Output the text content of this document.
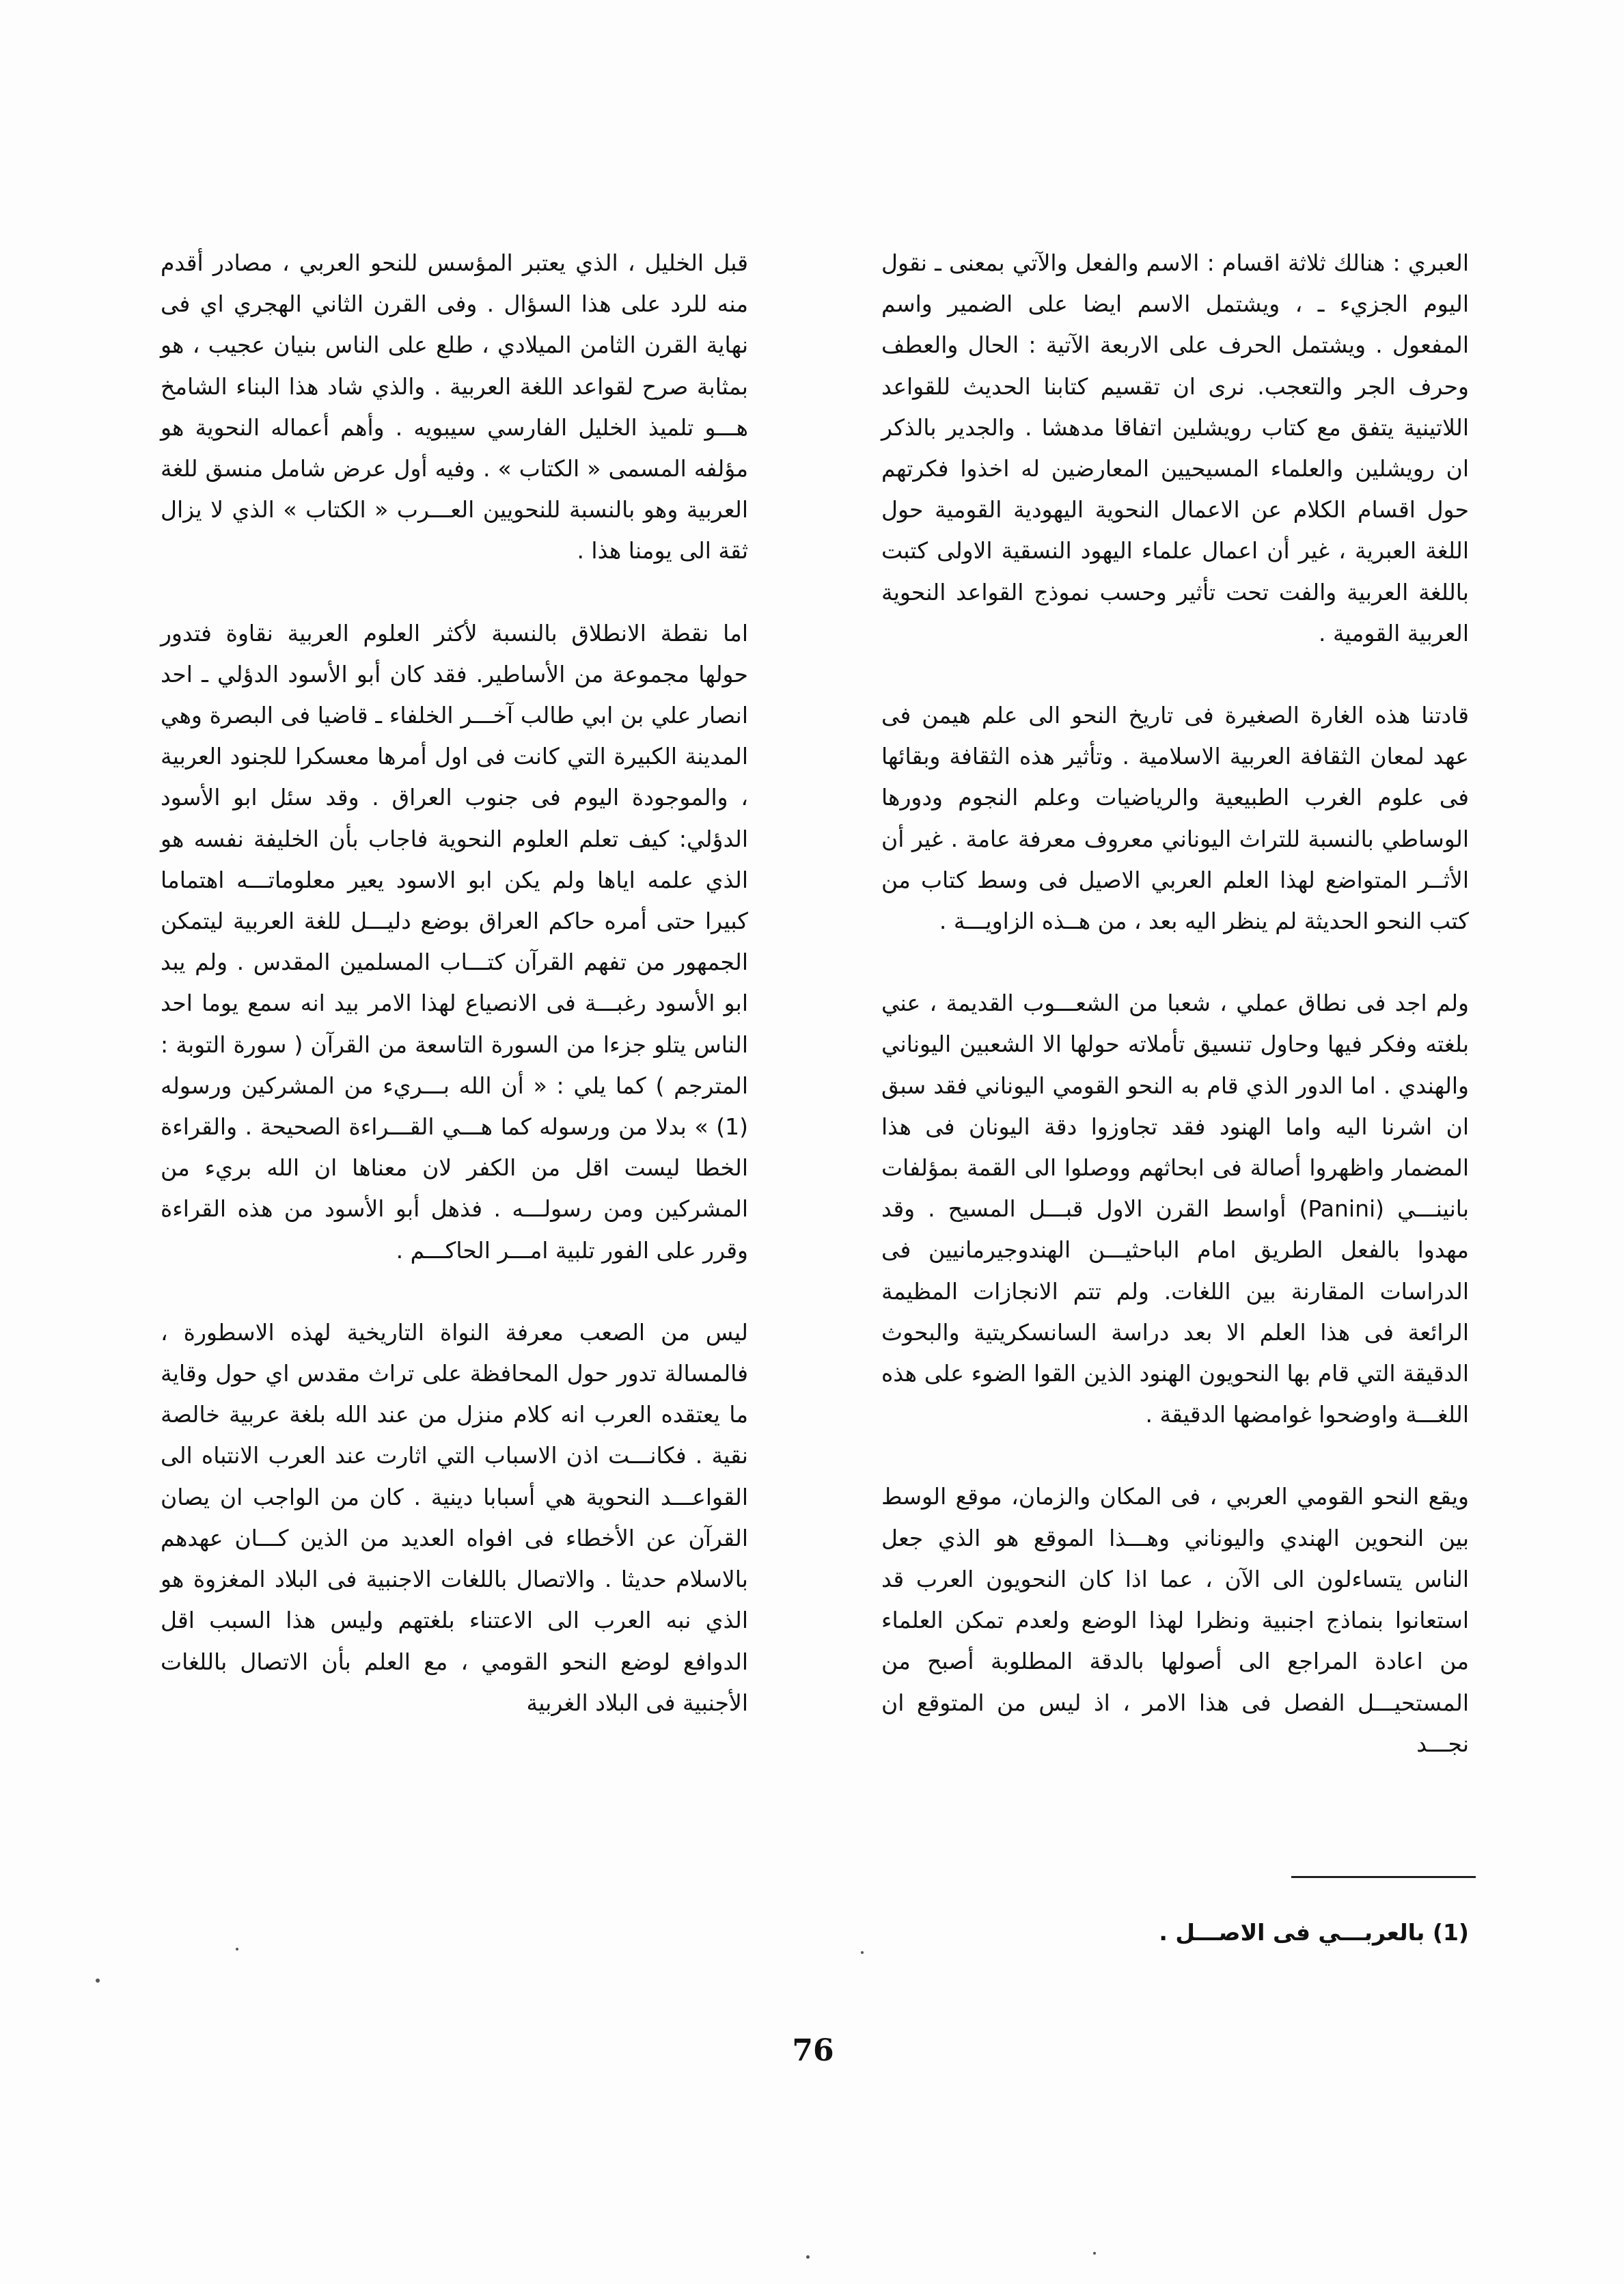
العبري : هنالك ثلاثة اقسام : الاسم والفعل والآتي بمعنى ـ نقول اليوم الجزيء ـ ، ويشتمل الاسم ايضا على الضمير واسم المفعول . ويشتمل الحرف على الاربعة الآتية : الحال والعطف وحرف الجر والتعجب. نرى ان تقسيم كتابنا الحديث للقواعد اللاتينية يتفق مع كتاب رويشلين اتفاقا مدهشا . والجدير بالذكر ان رويشلين والعلماء المسيحيين المعارضين له اخذوا فكرتهم حول اقسام الكلام عن الاعمال النحوية اليهودية القومية حول اللغة العبرية ، غير أن اعمال علماء اليهود النسقية الاولى كتبت باللغة العربية والفت تحت تأثير وحسب نموذج القواعد النحوية العربية القومية .

قادتنا هذه الغارة الصغيرة فى تاريخ النحو الى علم هيمن فى عهد لمعان الثقافة العربية الاسلامية . وتأثير هذه الثقافة وبقائها فى علوم الغرب الطبيعية والرياضيات وعلم النجوم ودورها الوساطي بالنسبة للتراث اليوناني معروف معرفة عامة . غير أن الأثــر المتواضع لهذا العلم العربي الاصيل فى وسط كتاب من كتب النحو الحديثة لم ينظر اليه بعد ، من هــذه الزاويـــة .

ولم اجد فى نطاق عملي ، شعبا من الشعـــوب القديمة ، عني بلغته وفكر فيها وحاول تنسيق تأملاته حولها الا الشعبين اليوناني والهندي . اما الدور الذي قام به النحو القومي اليوناني فقد سبق ان اشرنا اليه واما الهنود فقد تجاوزوا دقة اليونان فى هذا المضمار واظهروا أصالة فى ابحاثهم ووصلوا الى القمة بمؤلفات بانينـــي (Panini) أواسط القرن الاول قبـــل المسيح . وقد مهدوا بالفعل الطريق امام الباحثيـــن الهندوجيرمانيين فى الدراسات المقارنة بين اللغات. ولم تتم الانجازات المظيمة الرائعة فى هذا العلم الا بعد دراسة السانسكريتية والبحوث الدقيقة التي قام بها النحويون الهنود الذين القوا الضوء على هذه اللغـــة واوضحوا غوامضها الدقيقة .

ويقع النحو القومي العربي ، فى المكان والزمان، موقع الوسط بين النحوين الهندي واليوناني وهـــذا الموقع هو الذي جعل الناس يتساءلون الى الآن ، عما اذا كان النحويون العرب قد استعانوا بنماذج اجنبية ونظرا لهذا الوضع ولعدم تمكن العلماء من اعادة المراجع الى أصولها بالدقة المطلوبة أصبح من المستحيـــل الفصل فى هذا الامر ، اذ ليس من المتوقع ان نجـــد

قبل الخليل ، الذي يعتبر المؤسس للنحو العربي ، مصادر أقدم منه للرد على هذا السؤال . وفى القرن الثاني الهجري اي فى نهاية القرن الثامن الميلادي ، طلع على الناس بنيان عجيب ، هو بمثابة صرح لقواعد اللغة العربية . والذي شاد هذا البناء الشامخ هـــو تلميذ الخليل الفارسي سيبويه . وأهم أعماله النحوية هو مؤلفه المسمى « الكتاب » . وفيه أول عرض شامل منسق للغة العربية وهو بالنسبة للنحويين العـــرب « الكتاب » الذي لا يزال ثقة الى يومنا هذا .

اما نقطة الانطلاق بالنسبة لأكثر العلوم العربية نقاوة فتدور حولها مجموعة من الأساطير. فقد كان أبو الأسود الدؤلي ـ احد انصار علي بن ابي طالب آخـــر الخلفاء ـ قاضيا فى البصرة وهي المدينة الكبيرة التي كانت فى اول أمرها معسكرا للجنود العربية ، والموجودة اليوم فى جنوب العراق . وقد سئل ابو الأسود الدؤلي: كيف تعلم العلوم النحوية فاجاب بأن الخليفة نفسه هو الذي علمه اياها ولم يكن ابو الاسود يعير معلوماتـــه اهتماما كبيرا حتى أمره حاكم العراق بوضع دليـــل للغة العربية ليتمكن الجمهور من تفهم القرآن كتـــاب المسلمين المقدس . ولم يبد ابو الأسود رغبـــة فى الانصياع لهذا الامر بيد انه سمع يوما احد الناس يتلو جزءا من السورة التاسعة من القرآن ( سورة التوبة : المترجم ) كما يلي : « أن الله بـــريء من المشركين ورسوله (1) » بدلا من ورسوله كما هـــي القـــراءة الصحيحة . والقراءة الخطا ليست اقل من الكفر لان معناها ان الله بريء من المشركين ومن رسولـــه . فذهل أبو الأسود من هذه القراءة وقرر على الفور تلبية امـــر الحاكـــم .

ليس من الصعب معرفة النواة التاريخية لهذه الاسطورة ، فالمسالة تدور حول المحافظة على تراث مقدس اي حول وقاية ما يعتقده العرب انه كلام منزل من عند الله بلغة عربية خالصة نقية . فكانـــت اذن الاسباب التي اثارت عند العرب الانتباه الى القواعـــد النحوية هي أسبابا دينية . كان من الواجب ان يصان القرآن عن الأخطاء فى افواه العديد من الذين كـــان عهدهم بالاسلام حديثا . والاتصال باللغات الاجنبية فى البلاد المغزوة هو الذي نبه العرب الى الاعتناء بلغتهم وليس هذا السبب اقل الدوافع لوضع النحو القومي ، مع العلم بأن الاتصال باللغات الأجنبية فى البلاد الغربية

(1) بالعربـــي فى الاصـــل .
76
